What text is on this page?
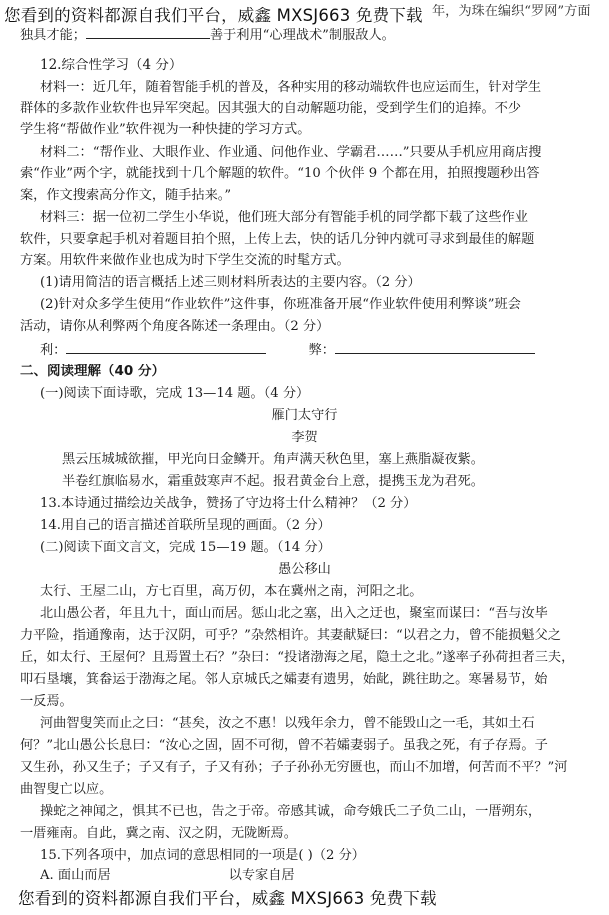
您看到的资料都源自我们平台，威鑫 MXSJ663 免费下载 年，为珠在编织“罗网”方面
独具才能；	善于利用“心理战术”制服敌人。
12.综合性学习（4 分）
材料一：近几年，随着智能手机的普及，各种实用的移动端软件也应运而生，针对学生
群体的多款作业软件也异军突起。因其强大的自动解题功能，受到学生们的追捧。不少
学生将“帮做作业”软件视为一种快捷的学习方式。
材料二：“帮作业、大眼作业、作业通、问他作业、学霸君……”只要从手机应用商店搜
索“作业”两个字，就能找到十几个解题的软件。“10 个伙伴 9 个都在用，拍照搜题秒出答
案，作文搜索高分作文，随手拈来。”
材料三：据一位初二学生小华说，他们班大部分有智能手机的同学都下载了这些作业
软件，只要拿起手机对着题目拍个照，上传上去，快的话几分钟内就可寻求到最佳的解题
方案。用软件来做作业也成为时下学生交流的时髦方式。
(1)请用简洁的语言概括上述三则材料所表达的主要内容。（2 分）
(2)针对众多学生使用“作业软件”这件事，你班准备开展“作业软件使用利弊谈”班会
活动，请你从利弊两个角度各陈述一条理由。（2 分）
利：	弊：
二、阅读理解（40 分）
(一)阅读下面诗歌，完成 13—14 题。（4 分）
雁门太守行
李贺
黑云压城城欲摧，甲光向日金鳞开。角声满天秋色里，塞上燕脂凝夜紫。
半卷红旗临易水，霜重鼓寒声不起。报君黄金台上意，提携玉龙为君死。
13.本诗通过描绘边关战争，赞扬了守边将士什么精神？（2 分）
14.用自己的语言描述首联所呈现的画面。（2 分）
(二)阅读下面文言文，完成 15—19 题。（14 分）
愚公移山
太行、王屋二山，方七百里，高万仞，本在冀州之南，河阳之北。
北山愚公者，年且九十，面山而居。惩山北之塞，出入之迂也，聚室而谋曰：“吾与汝毕
力平险，指通豫南，达于汉阴，可乎？”杂然相许。其妻献疑曰：“以君之力，曾不能损魁父之
丘，如太行、王屋何？且焉置土石？”杂曰：“投诸渤海之尾，隐土之北。”遂率子孙荷担者三夫，
叩石垦壤，箕畚运于渤海之尾。邻人京城氏之孀妻有遗男，始龀，跳往助之。寒暑易节，始
一反焉。
河曲智叟笑而止之曰：“甚矣，汝之不惠！以残年余力，曾不能毁山之一毛，其如土石
何？”北山愚公长息曰：“汝心之固，固不可彻，曾不若孀妻弱子。虽我之死，有子存焉。子
又生孙，孙又生子；子又有子，子又有孙；子子孙孙无穷匮也，而山不加增，何苦而不平？”河
曲智叟亡以应。
操蛇之神闻之，惧其不已也，告之于帝。帝感其诚，命夸娥氏二子负二山，一厝朔东，
一厝雍南。自此，冀之南、汉之阴，无陇断焉。
15.下列各项中，加点词的意思相同的一项是( )（2 分）
A. 面山而居	以专家自居
您看到的资料都源自我们平台，威鑫 MXSJ663 免费下载
